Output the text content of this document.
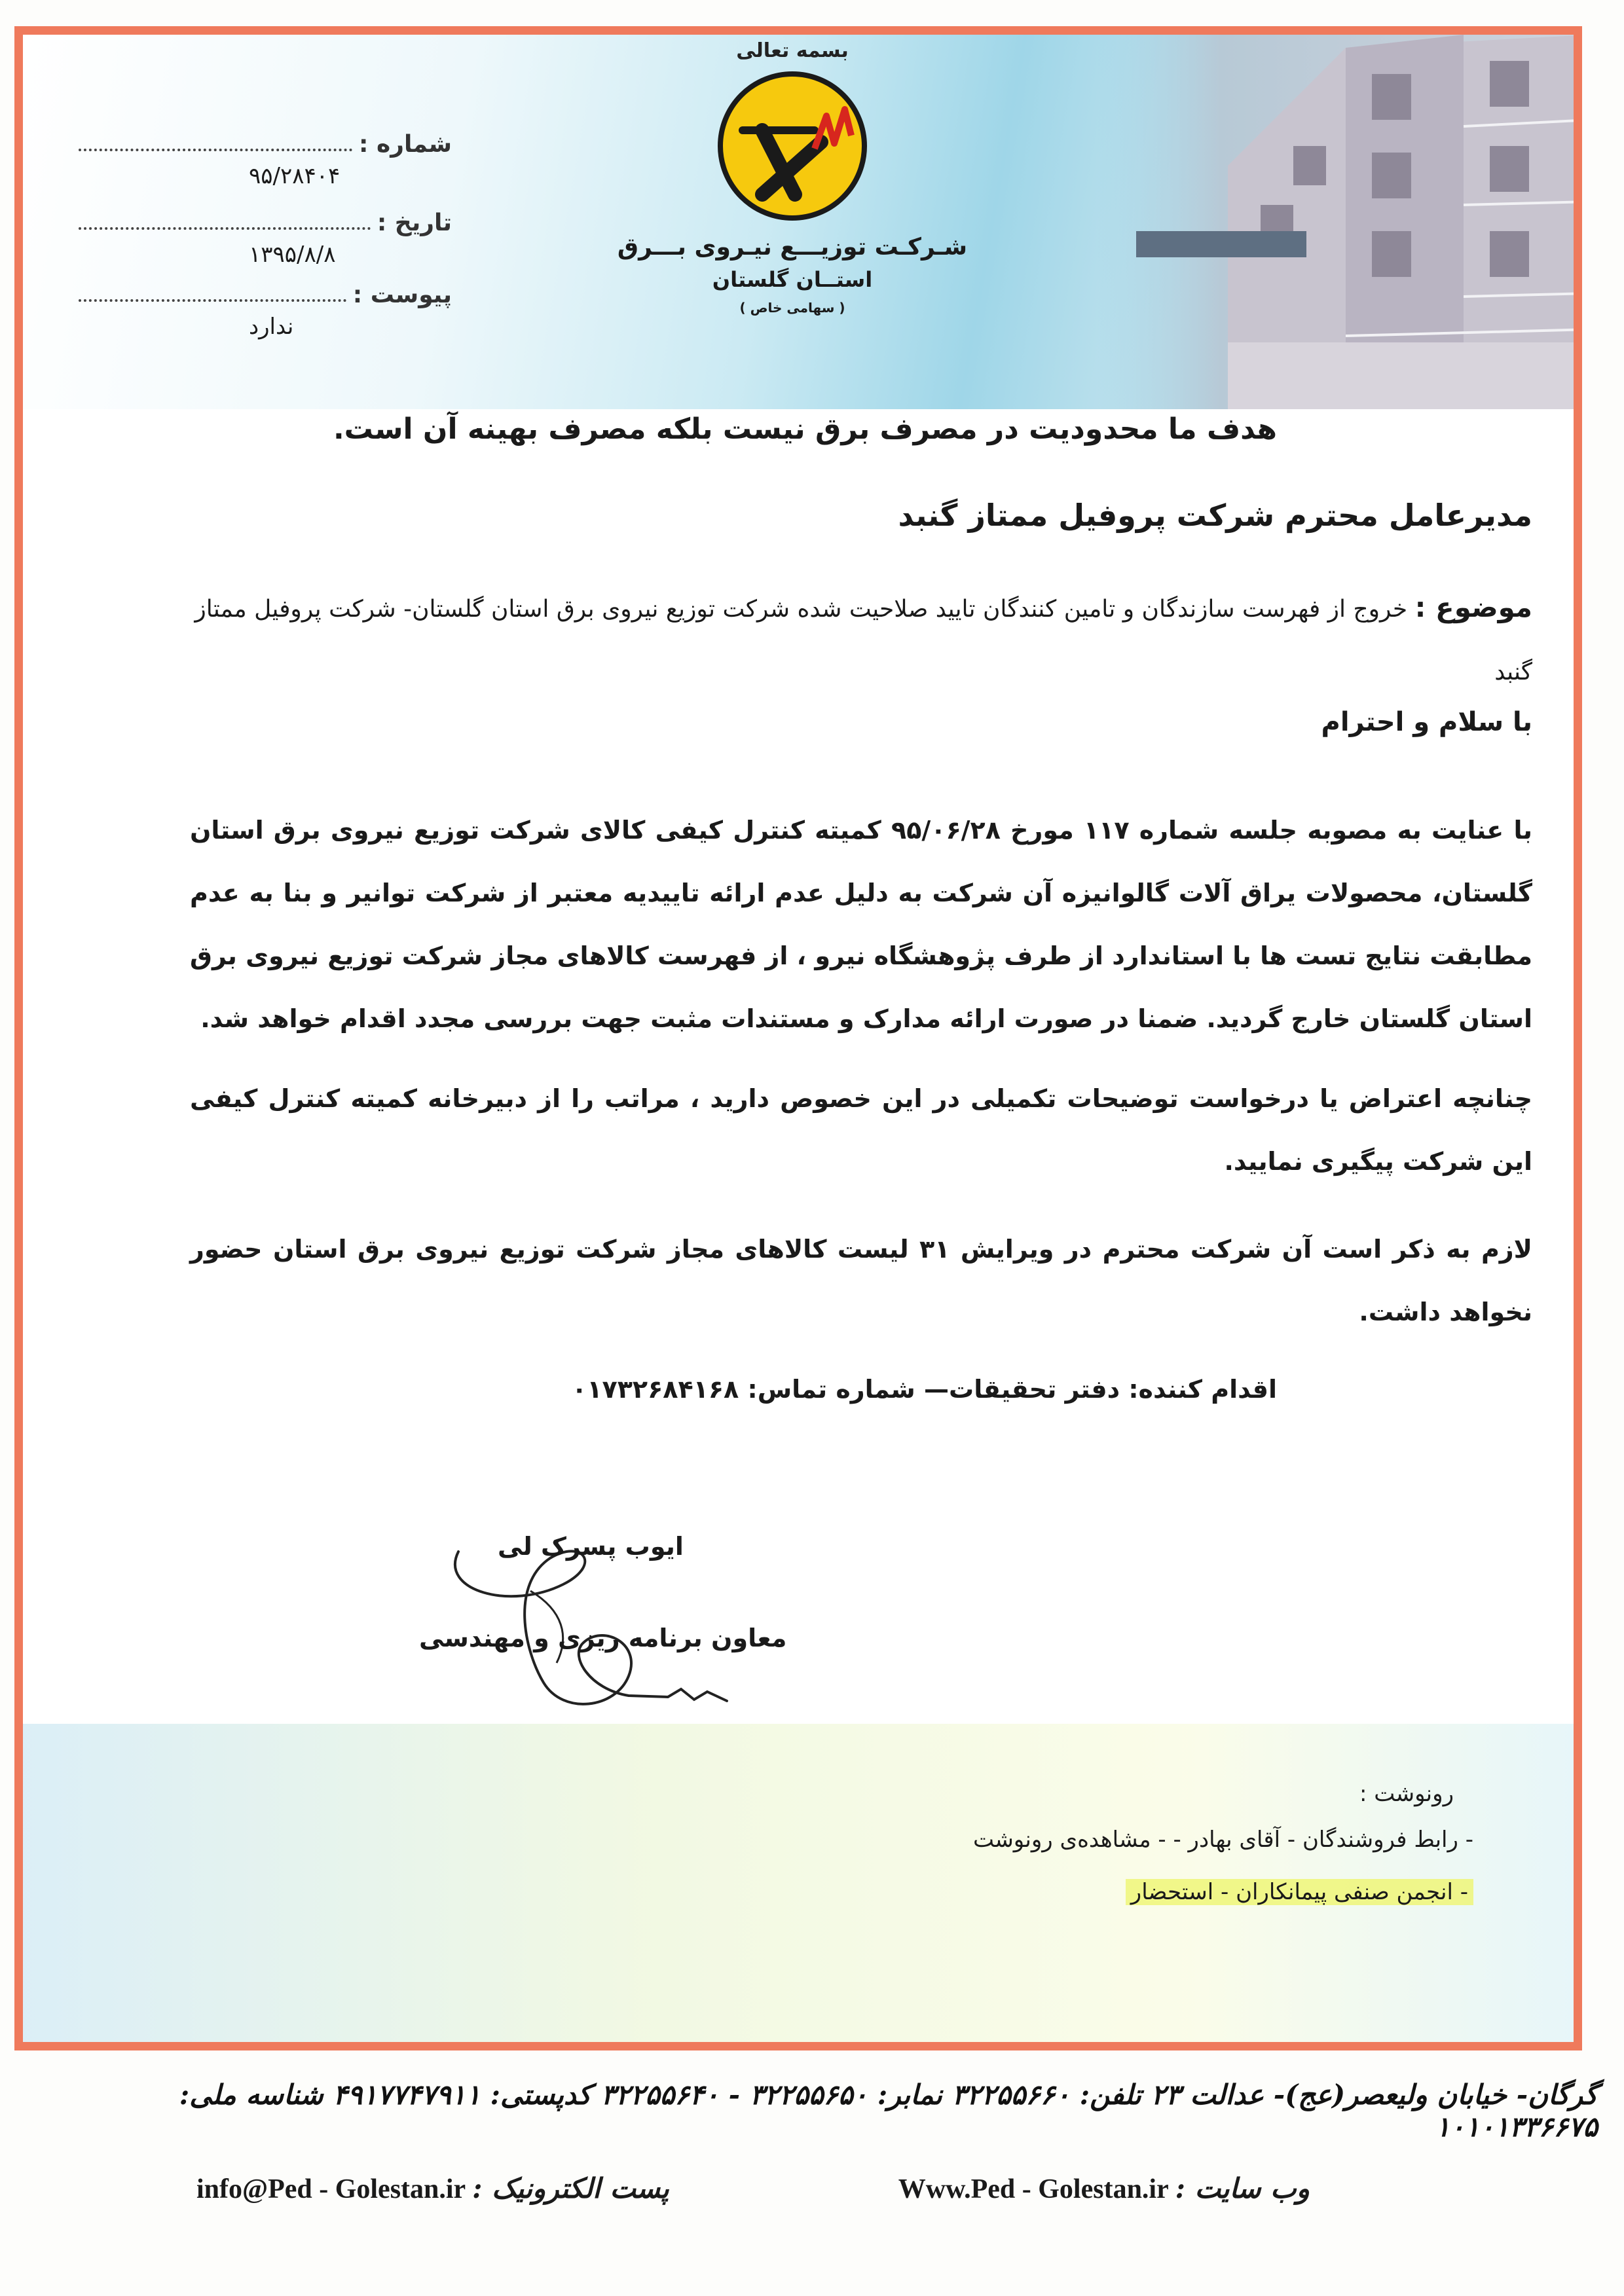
شماره :
۹۵/۲۸۴۰۴
تاریخ :
۱۳۹۵/۸/۸
پیوست :
ندارد
بسمه تعالی
شـرکـت توزیـــع نیـروی بـــرق
استــان گلستان
( سهامی خاص )
هدف ما محدودیت در مصرف برق نیست بلکه مصرف بهینه آن است.
مدیرعامل محترم شرکت پروفیل ممتاز گنبد
موضوع : خروج از فهرست سازندگان و تامین کنندگان تایید صلاحیت شده شرکت توزیع نیروی برق استان گلستان- شرکت پروفیل ممتاز گنبد
با سلام و احترام
با عنایت به مصوبه جلسه شماره ۱۱۷ مورخ ۹۵/۰۶/۲۸ کمیته کنترل کیفی کالای شرکت توزیع نیروی برق استان گلستان، محصولات یراق آلات گالوانیزه آن شرکت به دلیل عدم ارائه تاییدیه معتبر از شرکت توانیر و بنا به عدم مطابقت نتایج تست ها با استاندارد از طرف پژوهشگاه نیرو ، از فهرست کالاهای مجاز شرکت توزیع نیروی برق استان گلستان خارج گردید. ضمنا در صورت ارائه مدارک و مستندات مثبت جهت بررسی مجدد اقدام خواهد شد.
چنانچه اعتراض یا درخواست توضیحات تکمیلی در این خصوص دارید ، مراتب را از دبیرخانه کمیته کنترل کیفی این شرکت پیگیری نمایید.
لازم به ذکر است آن شرکت محترم در ویرایش ۳۱ لیست کالاهای مجاز شرکت توزیع نیروی برق استان حضور نخواهد داشت.
اقدام کننده: دفتر تحقیقات— شماره تماس: ۰۱۷۳۲۶۸۴۱۶۸
ایوب پسرک لی
معاون برنامه ریزی و مهندسی
رونوشت :
- رابط فروشندگان - آقای بهادر - - مشاهده‌ی رونوشت
- انجمن صنفی پیمانکاران - استحضار
گرگان- خیابان ولیعصر(عج)- عدالت ۲۳ تلفن: ۳۲۲۵۵۶۶۰ نمابر: ۳۲۲۵۵۶۵۰ - ۳۲۲۵۵۶۴۰ کدپستی: ۴۹۱۷۷۴۷۹۱۱ شناسه ملی: ۱۰۱۰۱۳۳۶۶۷۵
info@Ped - Golestan.ir پست الکترونیک :	Www.Ped - Golestan.ir وب سایت :
